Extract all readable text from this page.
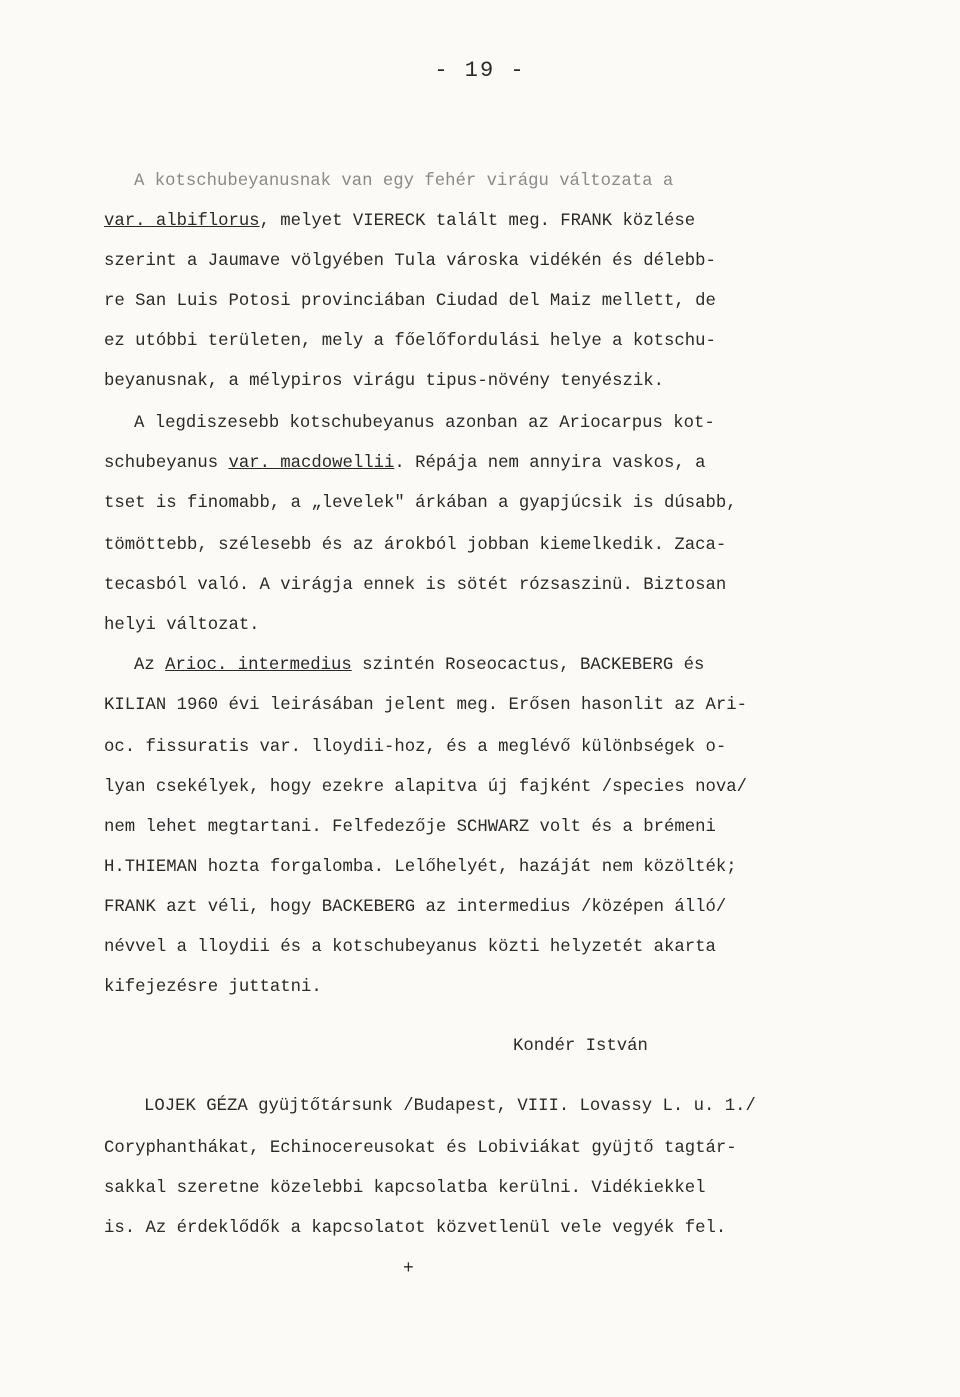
- 19 -
A kotschubeyanusnak van egy fehér virágu változata a
var. albiflorus, melyet VIERECK talált meg. FRANK közlése
szerint a Jaumave völgyében Tula városka vidékén és délebb-
re San Luis Potosi provinciában Ciudad del Maiz mellett, de
ez utóbbi területen, mely a főelőfordulási helye a kotschu-
beyanusnak, a mélypiros virágu tipus-növény tenyészik.
A legdiszesebb kotschubeyanus azonban az Ariocarpus kot-
schubeyanus var. macdowellii. Répája nem annyira vaskos, a
tset is finomabb, a „levelek" árkában a gyapjúcsik is dúsabb,
tömöttebb, szélesebb és az árokból jobban kiemelkedik. Zaca-
tecasból való. A virágja ennek is sötét rózsaszinü. Biztosan
helyi változat.
Az Arioc. intermedius szintén Roseocactus, BACKEBERG és
KILIAN 1960 évi leirásában jelent meg. Erősen hasonlit az Ari-
oc. fissuratis var. lloydii-hoz, és a meglévő különbségek o-
lyan csekélyek, hogy ezekre alapitva új fajként /species nova/
nem lehet megtartani. Felfedezője SCHWARZ volt és a brémeni
H.THIEMAN hozta forgalomba. Lelőhelyét, hazáját nem közölték;
FRANK azt véli, hogy BACKEBERG az intermedius /középen álló/
névvel a lloydii és a kotschubeyanus közti helyzetét akarta
kifejezésre juttatni.
Kondér István
LOJEK GÉZA gyüjtőtársunk /Budapest, VIII. Lovassy L. u. 1./
Coryphanthákat, Echinocereusokat és Lobiviákat gyüjtő tagtár-
sakkal szeretne közelebbi kapcsolatba kerülni. Vidékiekkel
is. Az érdeklődők a kapcsolatot közvetlenül vele vegyék fel.
+
